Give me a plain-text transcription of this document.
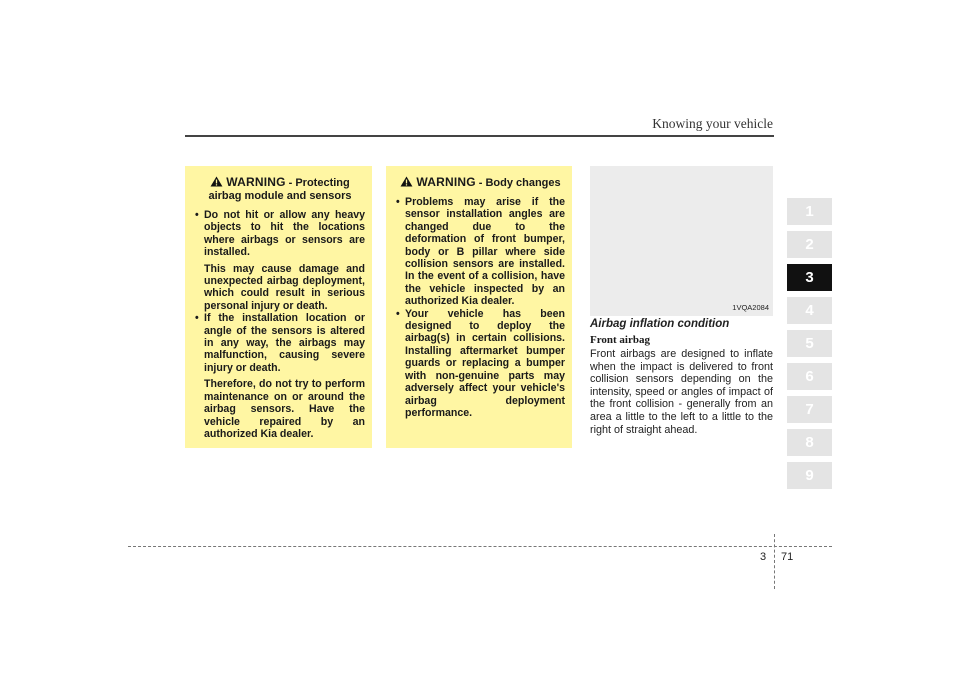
Knowing your vehicle
WARNING - Protecting airbag module and sensors

• Do not hit or allow any heavy objects to hit the locations where airbags or sensors are installed.

This may cause damage and unexpected airbag deployment, which could result in serious personal injury or death.

• If the installation location or angle of the sensors is altered in any way, the airbags may malfunction, causing severe injury or death.

Therefore, do not try to perform maintenance on or around the airbag sensors. Have the vehicle repaired by an authorized Kia dealer.

WARNING - Body changes

• Problems may arise if the sensor installation angles are changed due to the deformation of front bumper, body or B pillar where side collision sensors are installed. In the event of a collision, have the vehicle inspected by an authorized Kia dealer.

• Your vehicle has been designed to deploy the airbag(s) in certain collisions. Installing aftermarket bumper guards or replacing a bumper with non-genuine parts may adversely affect your vehicle's airbag deployment performance.

1VQA2084
Airbag inflation condition
Front airbag
Front airbags are designed to inflate when the impact is delivered to front collision sensors depending on the intensity, speed or angles of impact of the front collision - generally from an area a little to the left to a little to the right of straight ahead.
1
2
3
4
5
6
7
8
9
3 71
